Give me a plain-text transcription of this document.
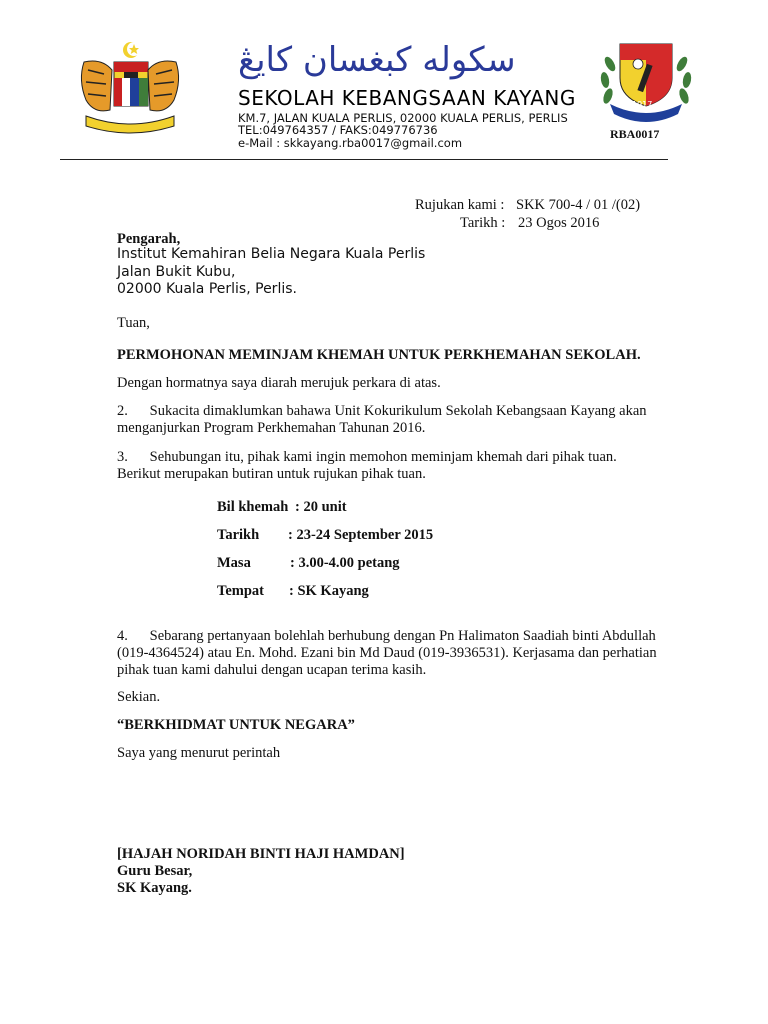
سكوله كبغسان كايڠ
SEKOLAH KEBANGSAAN KAYANG
KM.7, JALAN KUALA PERLIS, 02000 KUALA PERLIS, PERLIS
TEL:049764357 / FAKS:049776736
e-Mail : skkayang.rba0017@gmail.com
1917
RBA0017
Rujukan kami : SKK 700-4 / 01 /(02)
Tarikh : 23 Ogos 2016
Pengarah,
Institut Kemahiran Belia Negara Kuala Perlis
Jalan Bukit Kubu,
02000 Kuala Perlis, Perlis.
Tuan,
PERMOHONAN MEMINJAM KHEMAH UNTUK PERKHEMAHAN SEKOLAH.
Dengan hormatnya saya diarah merujuk perkara di atas.
2.      Sukacita dimaklumkan bahawa Unit Kokurikulum Sekolah Kebangsaan Kayang akan
menganjurkan Program Perkhemahan Tahunan 2016.
3.      Sehubungan itu, pihak kami ingin memohon meminjam khemah dari pihak tuan.
Berikut merupakan butiran untuk rujukan pihak tuan.
Bil khemah : 20 unit
Tarikh : 23-24 September 2015
Masa	: 3.00-4.00 petang
Tempat : SK Kayang
4.      Sebarang pertanyaan bolehlah berhubung dengan Pn Halimaton Saadiah binti Abdullah
(019-4364524) atau En. Mohd. Ezani bin Md Daud (019-3936531). Kerjasama dan perhatian
pihak tuan kami dahului dengan ucapan terima kasih.
Sekian.
“BERKHIDMAT UNTUK NEGARA”
Saya yang menurut perintah
[HAJAH NORIDAH BINTI HAJI HAMDAN]
Guru Besar,
SK Kayang.
